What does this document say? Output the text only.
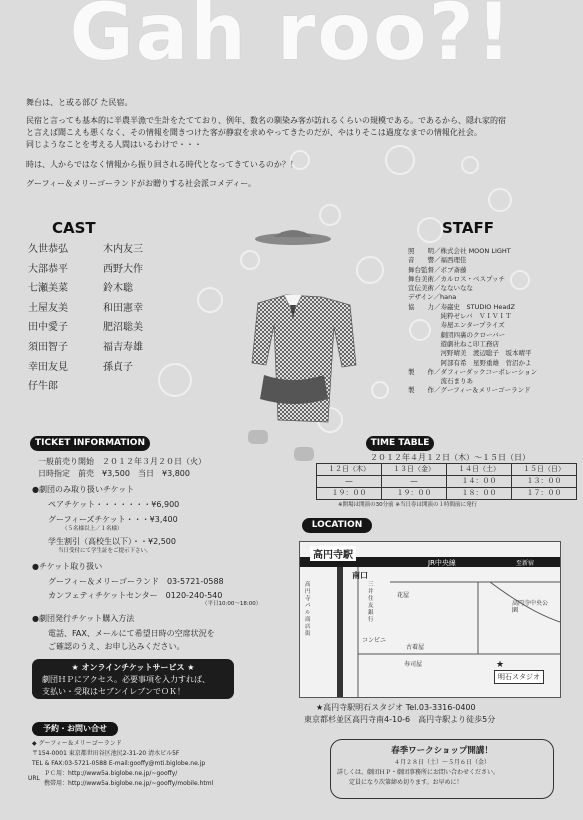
Gah roo?!
舞台は、と或る部び た民宿。
民宿と言っても基本的に半農半漁で生計をたてており、例年、数名の馴染み客が訪れるくらいの規模である。であるから、隠れ家的宿
と言えば聞こえも悪くなく、その情報を聞きつけた客が静寂を求めやってきたのだが、やはりそこは過度なまでの情報化社会。
同じようなことを考える人間はいるわけで・・・
時は、人からではなく情報から振り回される時代となってきているのか？！
グーフィー＆メリーゴーランドがお贈りする社会派コメディー。
CAST
久世恭弘
大部恭平
七瀬美菜
土屋友美
田中愛子
須田智子
幸田友見
仔牛郎
木内友三
西野大作
鈴木聡
和田憲幸
肥沼聡美
福吉寿雄
孫貞子
STAFF
照　　明／株式会社 MOON LIGHT
音　　響／福西理佳
舞台監督／ボブ斎藤
舞台美術／カルロス・ベスプッチ
宣伝美術／なないなな
デザイン／hana
協　　力／寿巌史　STUDIO HeadZ
　　　　　純粋ゼレバ　ＶＩＶＩＴ
　　　　　寿屋エンタープライズ
　　　　　劇団四裏のクローバー
　　　　　遊劇社ねこ印工務店
　　　　　河野晴美　渡辺聡子　坂本晴平
　　　　　阿部有希　星野重雄　菅沼かよ
製　　作／ダフィーダックコーポレーション
　　　　　流石まりあ
製　　作／グーフィー＆メリーゴーランド
TICKET INFORMATION
一般前売り開始　２０１２年３月２０日（火）
日時指定　前売　¥3,500　当日　¥3,800
●劇団のみ取り扱いチケット
ペアチケット・・・・・・・¥6,900
グーフィーズチケット・・・¥3,400
（５名様以上／１名様）
学生割引（高校生以下）・・¥2,500
当日受付にて学生証をご提示下さい。
●チケット取り扱い
グーフィー＆メリーゴーランド　03-5721-0588
カンフェティチケットセンター　0120-240-540
（平日10:00～18:00）
●劇団発行チケット購入方法
電話、FAX、メールにて希望日時の空席状況を
ご確認のうえ、お申し込みください。
★ オンラインチケットサービス ★
劇団ＨＰにアクセス。必要事項を入力すれば、
支払い・受取はセブンイレブンでＯＫ！
予約・お問い合せ
◆ グーフィー＆メリーゴーランド
〒154-0001 東京都世田谷区池尻2-31-20 清水ビル5F
TEL & FAX:03-5721-0588 E-mail:gooffy@mti.biglobe.ne.jp
URL
ＰＣ用：http://www5a.biglobe.ne.jp/~gooffy/
携帯用：http://www5a.biglobe.ne.jp/~gooffy/mobile.html
TIME TABLE
２０１２年４月１２日（木）～１５日（日）
１２日（木）	１３日（金）	１４日（土）	１５日（日）
―	―	１４：００	１３：００
１９：００	１９：００	１８：００	１７：００
※開場は開演の30分前 ※当日券は開演の１時間前に発行
LOCATION
高円寺駅
JR中央線	至新宿
南口
高円寺パル商店街
三井住友銀行
花屋
コンビニ
古着屋
寿司屋
高円寺中央公園
★
明石スタジオ
★高円寺駅明石スタジオ Tel.03-3316-0400
東京都杉並区高円寺南4-10-6　高円寺駅より徒歩5分
春季ワークショップ開講！
４月２８日（土）～５月６日（金）
詳しくは、劇団ＨＰ・劇団事務所にお問い合わせください。
定員になり次第締め切ります。お早めに！
